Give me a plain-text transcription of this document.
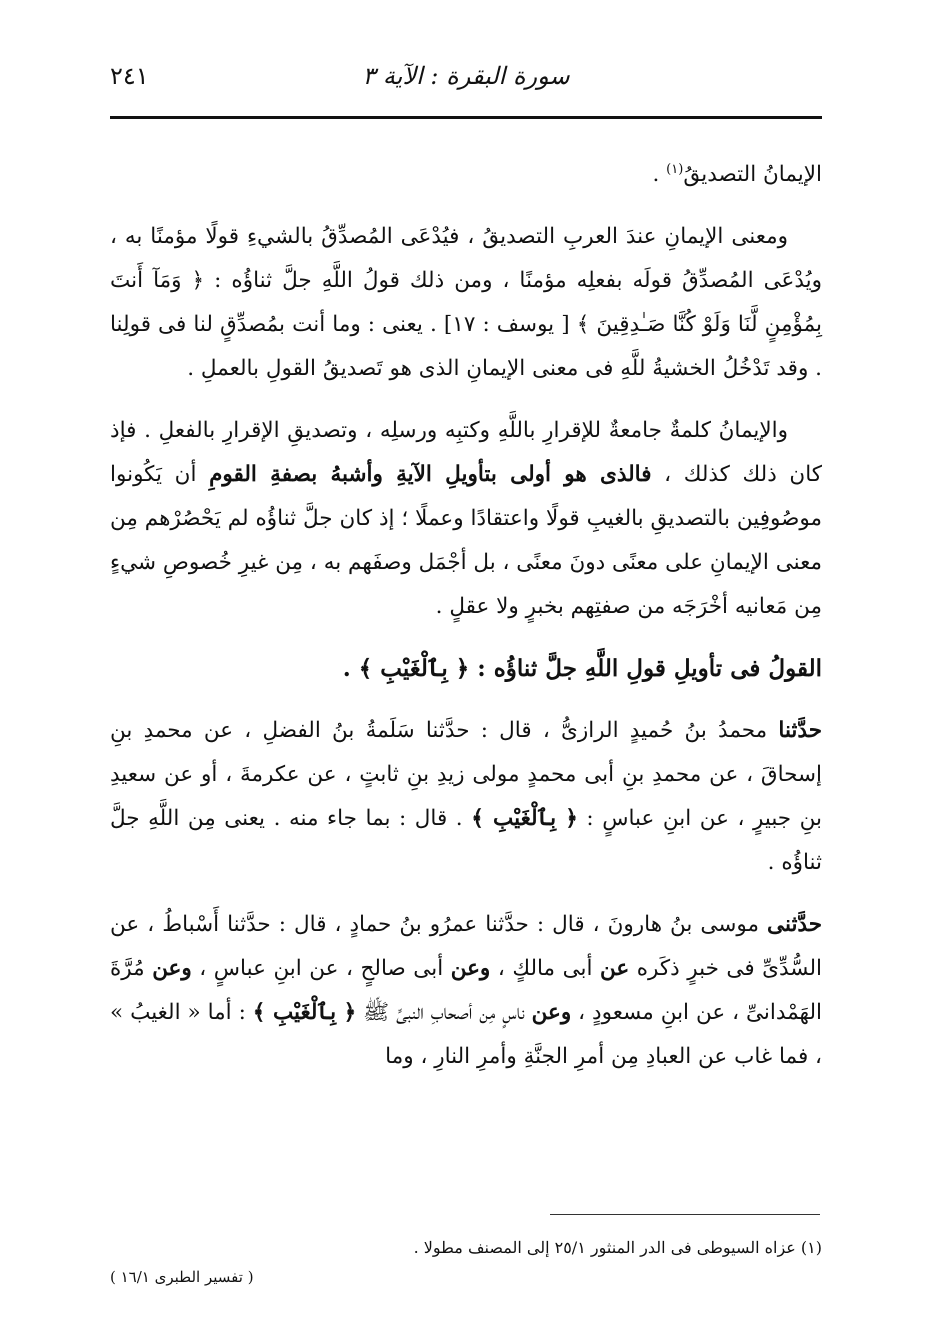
سورة البقرة : الآية ٣
٢٤١

الإيمانُ التصديقُ$^{(١)}$ .

ومعنى الإيمانِ عندَ العربِ التصديقُ ، فيُدْعَى المُصدِّقُ بالشيءِ قولًا مؤمنًا به ، ويُدْعَى المُصدِّقُ قولَه بفعلِه مؤمنًا ، ومن ذلك قولُ اللَّهِ جلَّ ثناؤُه : ﴿ وَمَآ أَنتَ بِمُؤْمِنٍ لَّنَا وَلَوْ كُنَّا صَـٰدِقِينَ ﴾ [ يوسف : ١٧] . يعنى : وما أنت بمُصدِّقٍ لنا فى قولِنا . وقد تَدْخُلُ الخشيةُ للَّهِ فى معنى الإيمانِ الذى هو تَصديقُ القولِ بالعملِ .

والإيمانُ كلمةٌ جامعةٌ للإقرارِ باللَّهِ وكتبِه ورسلِه ، وتصديقِ الإقرارِ بالفعلِ . فإذ كان ذلك كذلك ، فالذى هو أولى بتأويلِ الآيةِ وأشبهُ بصفةِ القومِ أن يَكُونوا موصُوفِين بالتصديقِ بالغيبِ قولًا واعتقادًا وعملًا ؛ إذ كان جلَّ ثناؤُه لم يَحْصُرْهم مِن معنى الإيمانِ على معنًى دونَ معنًى ، بل أجْمَل وصفَهم به ، مِن غيرِ خُصوصِ شيءٍ مِن مَعانيه أخْرَجَه من صفتِهم بخبرٍ ولا عقلٍ .

القولُ فى تأويلِ قولِ اللَّهِ جلَّ ثناؤُه : ﴿ بِٱلْغَيْبِ ﴾ .

حدَّثنا محمدُ بنُ حُميدٍ الرازىُّ ، قال : حدَّثنا سَلَمةُ بنُ الفضلِ ، عن محمدِ بنِ إسحاقَ ، عن محمدِ بنِ أبى محمدٍ مولى زيدِ بنِ ثابتٍ ، عن عكرمةَ ، أو عن سعيدِ بنِ جبيرٍ ، عن ابنِ عباسٍ : ﴿ بِٱلْغَيْبِ ﴾ . قال : بما جاء منه . يعنى مِن اللَّهِ جلَّ ثناؤُه .

حدَّثنى موسى بنُ هارونَ ، قال : حدَّثنا عمرُو بنُ حمادٍ ، قال : حدَّثنا أَسْباطُ ، عن السُّدِّىِّ فى خبرٍ ذكَره عن أبى مالكٍ ، وعن أبى صالحٍ ، عن ابنِ عباسٍ ، وعن مُرَّةَ الهَمْدانىِّ ، عن ابنِ مسعودٍ ، وعن ناسٍ مِن أصحابِ النبىِّ ﷺ ﴿ بِٱلْغَيْبِ ﴾ : أما « الغيبُ » ، فما غاب عن العبادِ مِن أمرِ الجنَّةِ وأمرِ النارِ ، وما

(١) عزاه السيوطى فى الدر المنثور ٢٥/١ إلى المصنف مطولا .
( تفسير الطبرى ١٦/١ )
